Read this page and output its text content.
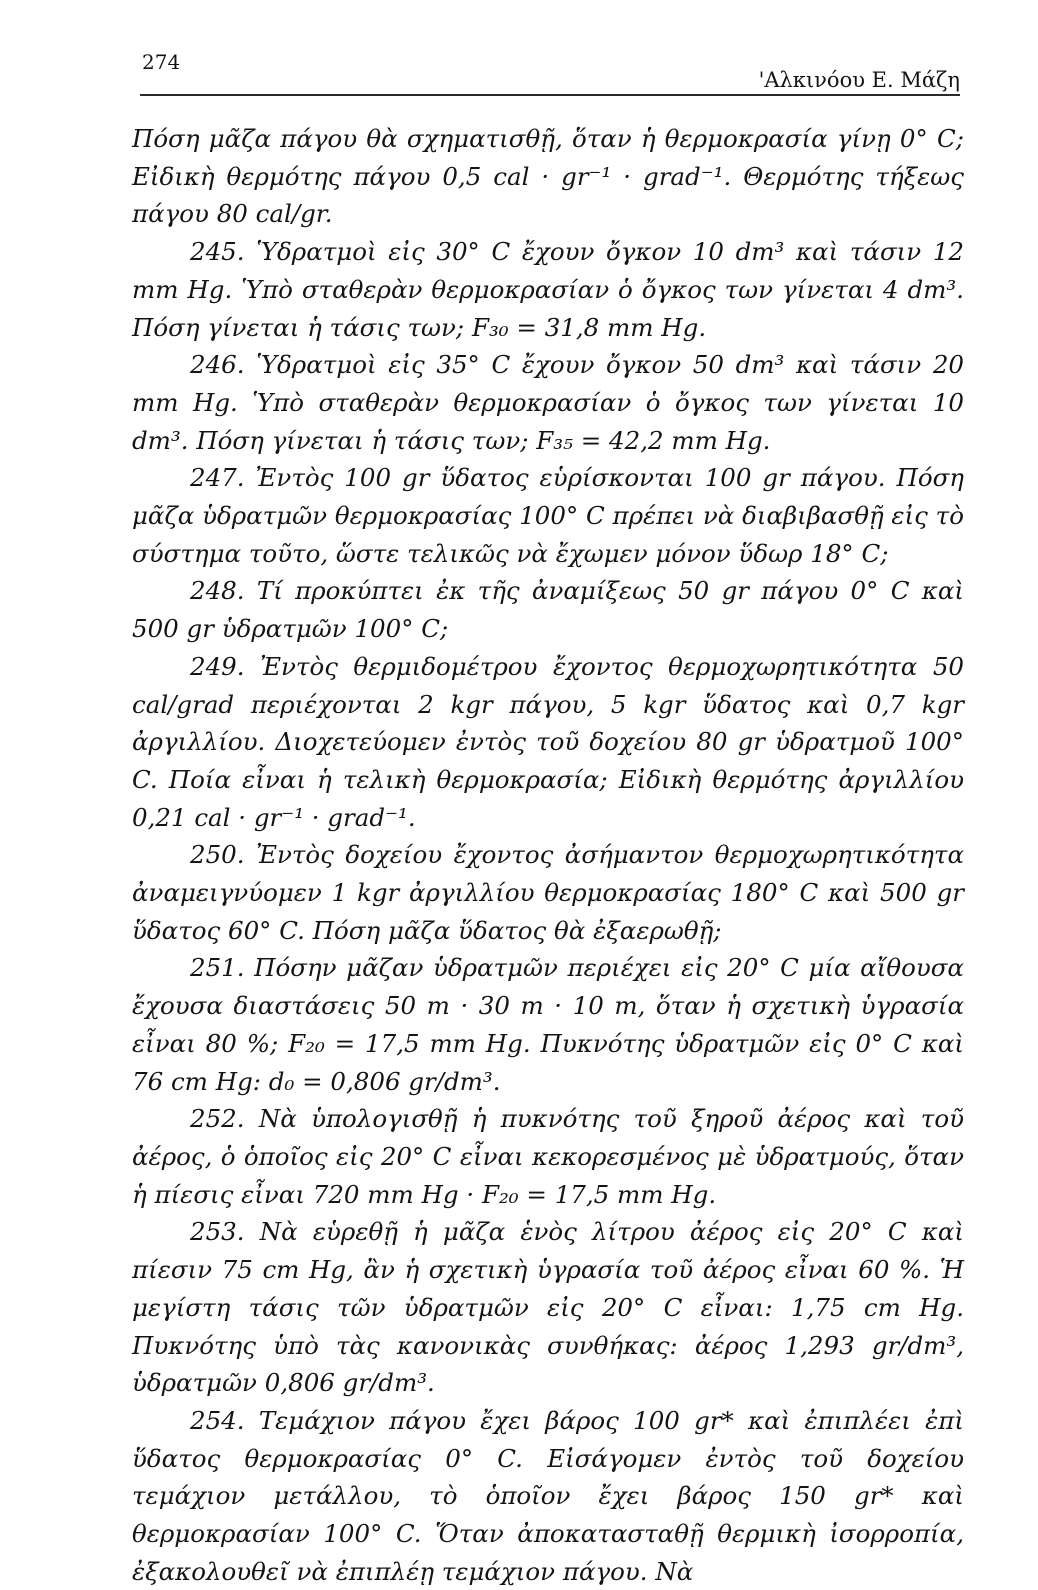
274
'Αλκινόου Ε. Μάζη

Πόση μᾶζα πάγου θὰ σχηματισθῇ, ὅταν ἡ θερμοκρασία γίνῃ 0° C; Εἰδικὴ θερμότης πάγου 0,5 cal · gr⁻¹ · grad⁻¹. Θερμότης τήξεως πάγου 80 cal/gr.

245. Ὑδρατμοὶ εἰς 30° C ἔχουν ὄγκον 10 dm³ καὶ τάσιν 12 mm Hg. Ὑπὸ σταθερὰν θερμοκρασίαν ὁ ὄγκος των γίνεται 4 dm³. Πόση γίνεται ἡ τάσις των; F₃₀ = 31,8 mm Hg.

246. Ὑδρατμοὶ εἰς 35° C ἔχουν ὄγκον 50 dm³ καὶ τάσιν 20 mm Hg. Ὑπὸ σταθερὰν θερμοκρασίαν ὁ ὄγκος των γίνεται 10 dm³. Πόση γίνεται ἡ τάσις των; F₃₅ = 42,2 mm Hg.

247. Ἐντὸς 100 gr ὕδατος εὑρίσκονται 100 gr πάγου. Πόση μᾶζα ὑδρατμῶν θερμοκρασίας 100° C πρέπει νὰ διαβιβασθῇ εἰς τὸ σύστημα τοῦτο, ὥστε τελικῶς νὰ ἔχωμεν μόνον ὕδωρ 18° C;

248. Τί προκύπτει ἐκ τῆς ἀναμίξεως 50 gr πάγου 0° C καὶ 500 gr ὑδρατμῶν 100° C;

249. Ἐντὸς θερμιδομέτρου ἔχοντος θερμοχωρητικότητα 50 cal/grad περιέχονται 2 kgr πάγου, 5 kgr ὕδατος καὶ 0,7 kgr ἀργιλλίου. Διοχετεύομεν ἐντὸς τοῦ δοχείου 80 gr ὑδρατμοῦ 100° C. Ποία εἶναι ἡ τελικὴ θερμοκρασία; Εἰδικὴ θερμότης ἀργιλλίου 0,21 cal · gr⁻¹ · grad⁻¹.

250. Ἐντὸς δοχείου ἔχοντος ἀσήμαντον θερμοχωρητικότητα ἀναμειγνύομεν 1 kgr ἀργιλλίου θερμοκρασίας 180° C καὶ 500 gr ὕδατος 60° C. Πόση μᾶζα ὕδατος θὰ ἐξαερωθῇ;

251. Πόσην μᾶζαν ὑδρατμῶν περιέχει εἰς 20° C μία αἴθουσα ἔχουσα διαστάσεις 50 m · 30 m · 10 m, ὅταν ἡ σχετικὴ ὑγρασία εἶναι 80 %; F₂₀ = 17,5 mm Hg. Πυκνότης ὑδρατμῶν εἰς 0° C καὶ 76 cm Hg: d₀ = 0,806 gr/dm³.

252. Νὰ ὑπολογισθῇ ἡ πυκνότης τοῦ ξηροῦ ἀέρος καὶ τοῦ ἀέρος, ὁ ὁποῖος εἰς 20° C εἶναι κεκορεσμένος μὲ ὑδρατμούς, ὅταν ἡ πίεσις εἶναι 720 mm Hg · F₂₀ = 17,5 mm Hg.

253. Νὰ εὑρεθῇ ἡ μᾶζα ἑνὸς λίτρου ἀέρος εἰς 20° C καὶ πίεσιν 75 cm Hg, ἂν ἡ σχετικὴ ὑγρασία τοῦ ἀέρος εἶναι 60 %. Ἡ μεγίστη τάσις τῶν ὑδρατμῶν εἰς 20° C εἶναι: 1,75 cm Hg. Πυκνότης ὑπὸ τὰς κανονικὰς συνθήκας: ἀέρος 1,293 gr/dm³, ὑδρατμῶν 0,806 gr/dm³.

254. Τεμάχιον πάγου ἔχει βάρος 100 gr* καὶ ἐπιπλέει ἐπὶ ὕδατος θερμοκρασίας 0° C. Εἰσάγομεν ἐντὸς τοῦ δοχείου τεμάχιον μετάλλου, τὸ ὁποῖον ἔχει βάρος 150 gr* καὶ θερμοκρασίαν 100° C. Ὅταν ἀποκατασταθῇ θερμικὴ ἰσορροπία, ἐξακολουθεῖ νὰ ἐπιπλέῃ τεμάχιον πάγου. Νὰ
